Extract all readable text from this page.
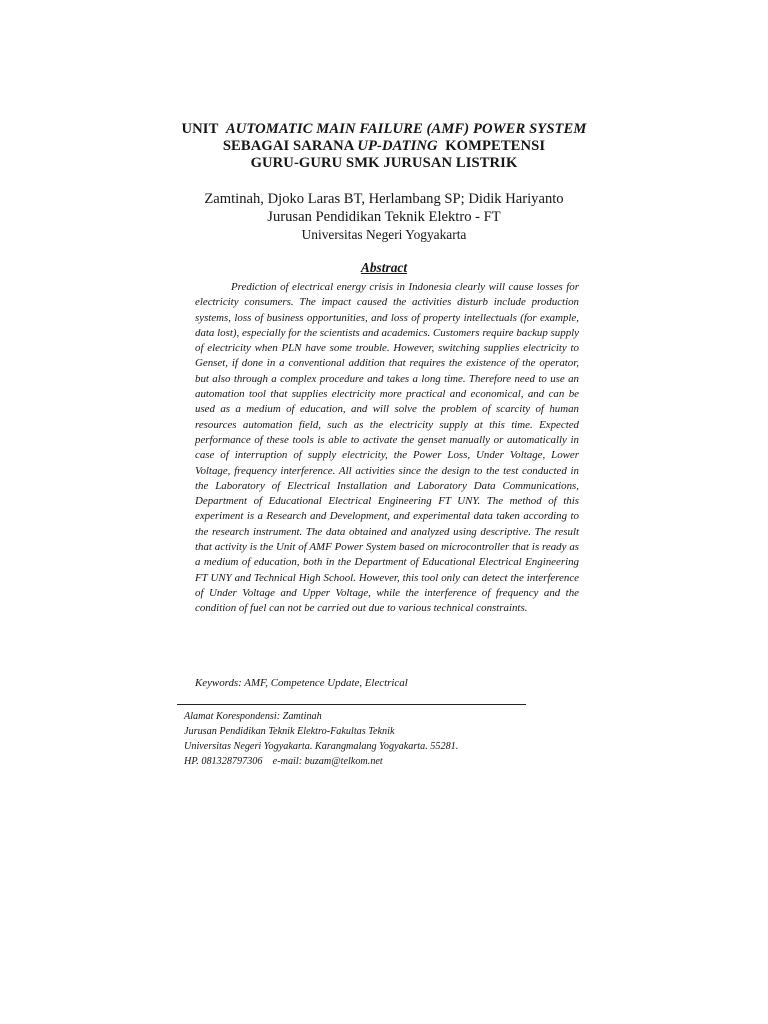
UNIT AUTOMATIC MAIN FAILURE (AMF) POWER SYSTEM
SEBAGAI SARANA UP-DATING KOMPETENSI
GURU-GURU SMK JURUSAN LISTRIK
Zamtinah, Djoko Laras BT, Herlambang SP; Didik Hariyanto
Jurusan Pendidikan Teknik Elektro - FT
Universitas Negeri Yogyakarta
Abstract

Prediction of electrical energy crisis in Indonesia clearly will cause losses for electricity consumers. The impact caused the activities disturb include production systems, loss of business opportunities, and loss of property intellectuals (for example, data lost), especially for the scientists and academics. Customers require backup supply of electricity when PLN have some trouble. However, switching supplies electricity to Genset, if done in a conventional addition that requires the existence of the operator, but also through a complex procedure and takes a long time. Therefore need to use an automation tool that supplies electricity more practical and economical, and can be used as a medium of education, and will solve the problem of scarcity of human resources automation field, such as the electricity supply at this time. Expected performance of these tools is able to activate the genset manually or automatically in case of interruption of supply electricity, the Power Loss, Under Voltage, Lower Voltage, frequency interference. All activities since the design to the test conducted in the Laboratory of Electrical Installation and Laboratory Data Communications, Department of Educational Electrical Engineering FT UNY. The method of this experiment is a Research and Development, and experimental data taken according to the research instrument. The data obtained and analyzed using descriptive. The result that activity is the Unit of AMF Power System based on microcontroller that is ready as a medium of education, both in the Department of Educational Electrical Engineering FT UNY and Technical High School. However, this tool only can detect the interference of Under Voltage and Upper Voltage, while the interference of frequency and the condition of fuel can not be carried out due to various technical constraints.

Keywords: AMF, Competence Update, Electrical
Alamat Korespondensi: Zamtinah
Jurusan Pendidikan Teknik Elektro-Fakultas Teknik
Universitas Negeri Yogyakarta. Karangmalang Yogyakarta. 55281.
HP. 081328797306    e-mail: buzam@telkom.net
